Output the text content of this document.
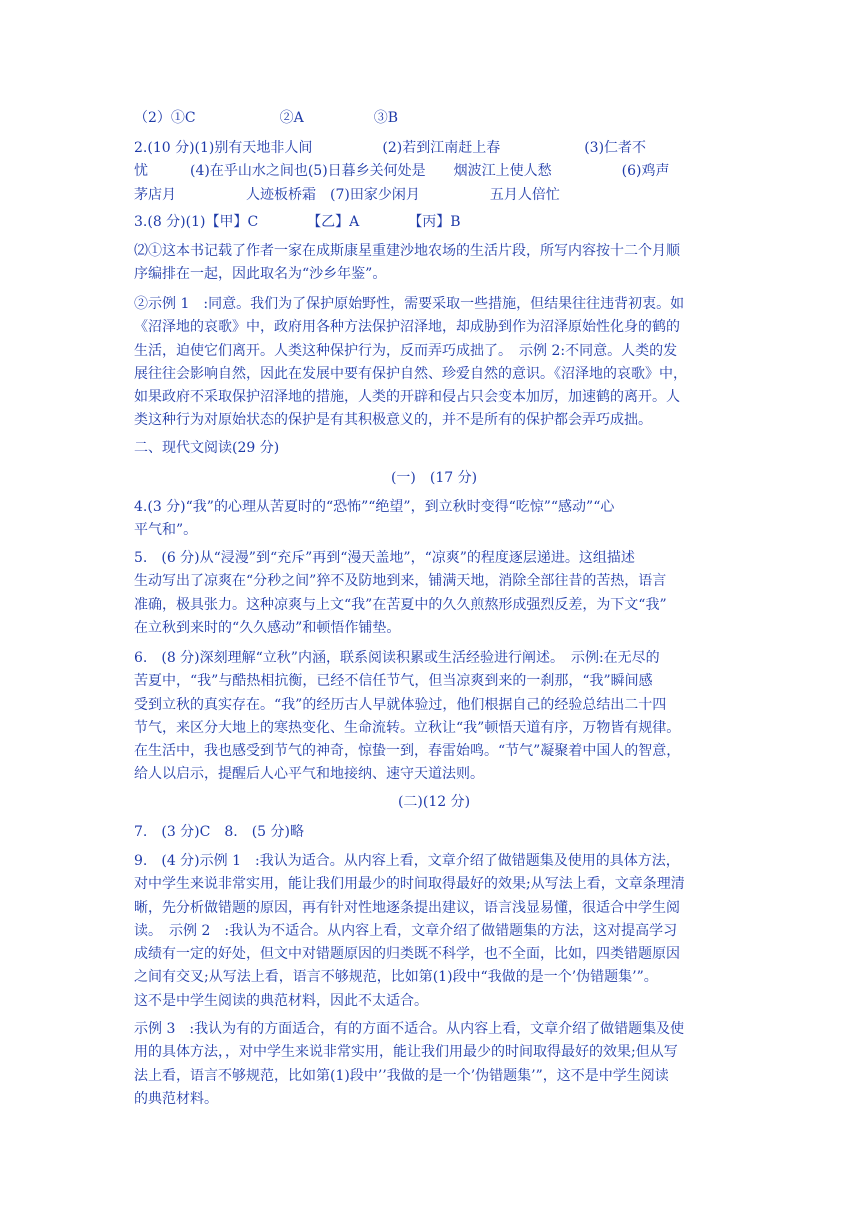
（2）①C　　　　　　②A　　　　　③B

2.(10 分)(1)别有天地非人间　　　　　(2)若到江南赶上春　　　　　　(3)仁者不
忧　　　(4)在乎山水之间也(5)日暮乡关何处是　　烟波江上使人愁　　　　　(6)鸡声
茅店月　　　　　人迹板桥霜　(7)田家少闲月　　　　　五月人倍忙

3.(8 分)(1)【甲】C　　　　【乙】A　　　　【丙】B

⑵①这本书记载了作者一家在成斯康星重建沙地农场的生活片段，所写内容按十二个月顺
序编排在一起，因此取名为“沙乡年鉴”。

②示例 1　:同意。我们为了保护原始野性，需要采取一些措施，但结果往往违背初衷。如
《沼泽地的哀歌》中，政府用各种方法保护沼泽地，却成胁到作为沼泽原始性化身的鹤的
生活，迫使它们离开。人类这种保护行为，反而弄巧成拙了。　示例 2:不同意。人类的发
展往往会影响自然，因此在发展中要有保护自然、珍爱自然的意识。《沼泽地的哀歌》中，
如果政府不采取保护沼泽地的措施，人类的开辟和侵占只会变本加厉，加速鹤的离开。人
类这种行为对原始状态的保护是有其积极意义的，并不是所有的保护都会弄巧成拙。

二、现代文阅读(29 分)

(一)　(17 分)

4.(3 分)“我”的心理从苦夏时的“恐怖”“绝望”，到立秋时变得“吃惊”“感动”“心
平气和”。

5.　(6 分)从“浸漫”到“充斥”再到“漫天盖地”，“凉爽”的程度逐层递进。这组描述
生动写出了凉爽在“分秒之间”猝不及防地到来，铺满天地，消除全部往昔的苦热，语言
准确，极具张力。这种凉爽与上文“我”在苦夏中的久久煎熬形成强烈反差，为下文“我”
在立秋到来时的“久久感动”和顿悟作铺垫。

6.　(8 分)深刻理解“立秋”内涵，联系阅读积累或生活经验进行阐述。　示例:在无尽的
苦夏中，“我”与酷热相抗衡，已经不信任节气，但当凉爽到来的一刹那，“我”瞬间感
受到立秋的真实存在。“我”的经历古人早就体验过，他们根据自己的经验总结出二十四
节气，来区分大地上的寒热变化、生命流转。立秋让“我”顿悟天道有序，万物皆有规律。
在生活中，我也感受到节气的神奇，惊蛰一到，春雷始鸣。“节气”凝聚着中国人的智意，
给人以启示，提醒后人心平气和地接纳、速守天道法则。

(二)(12 分)

7.　(3 分)C　8.　(5 分)略

9.　(4 分)示例 1　:我认为适合。从内容上看，文章介绍了做错题集及使用的具体方法，
对中学生来说非常实用，能让我们用最少的时间取得最好的效果;从写法上看，文章条理清
晰，先分析做错题的原因，再有针对性地逐条提出建议，语言浅显易懂，很适合中学生阅
读。　示例 2　:我认为不适合。从内容上看，文章介绍了做错题集的方法，这对提高学习
成绩有一定的好处，但文中对错题原因的归类既不科学，也不全面，比如，四类错题原因
之间有交叉;从写法上看，语言不够规范，比如第(1)段中“我做的是一个’伪错题集’”。
这不是中学生阅读的典范材料，因此不太适合。

示例 3　:我认为有的方面适合，有的方面不适合。从内容上看，文章介绍了做错题集及使
用的具体方法，，对中学生来说非常实用，能让我们用最少的时间取得最好的效果;但从写
法上看，语言不够规范，比如第(1)段中’’我做的是一个’伪错题集’”，这不是中学生阅读
的典范材料。
